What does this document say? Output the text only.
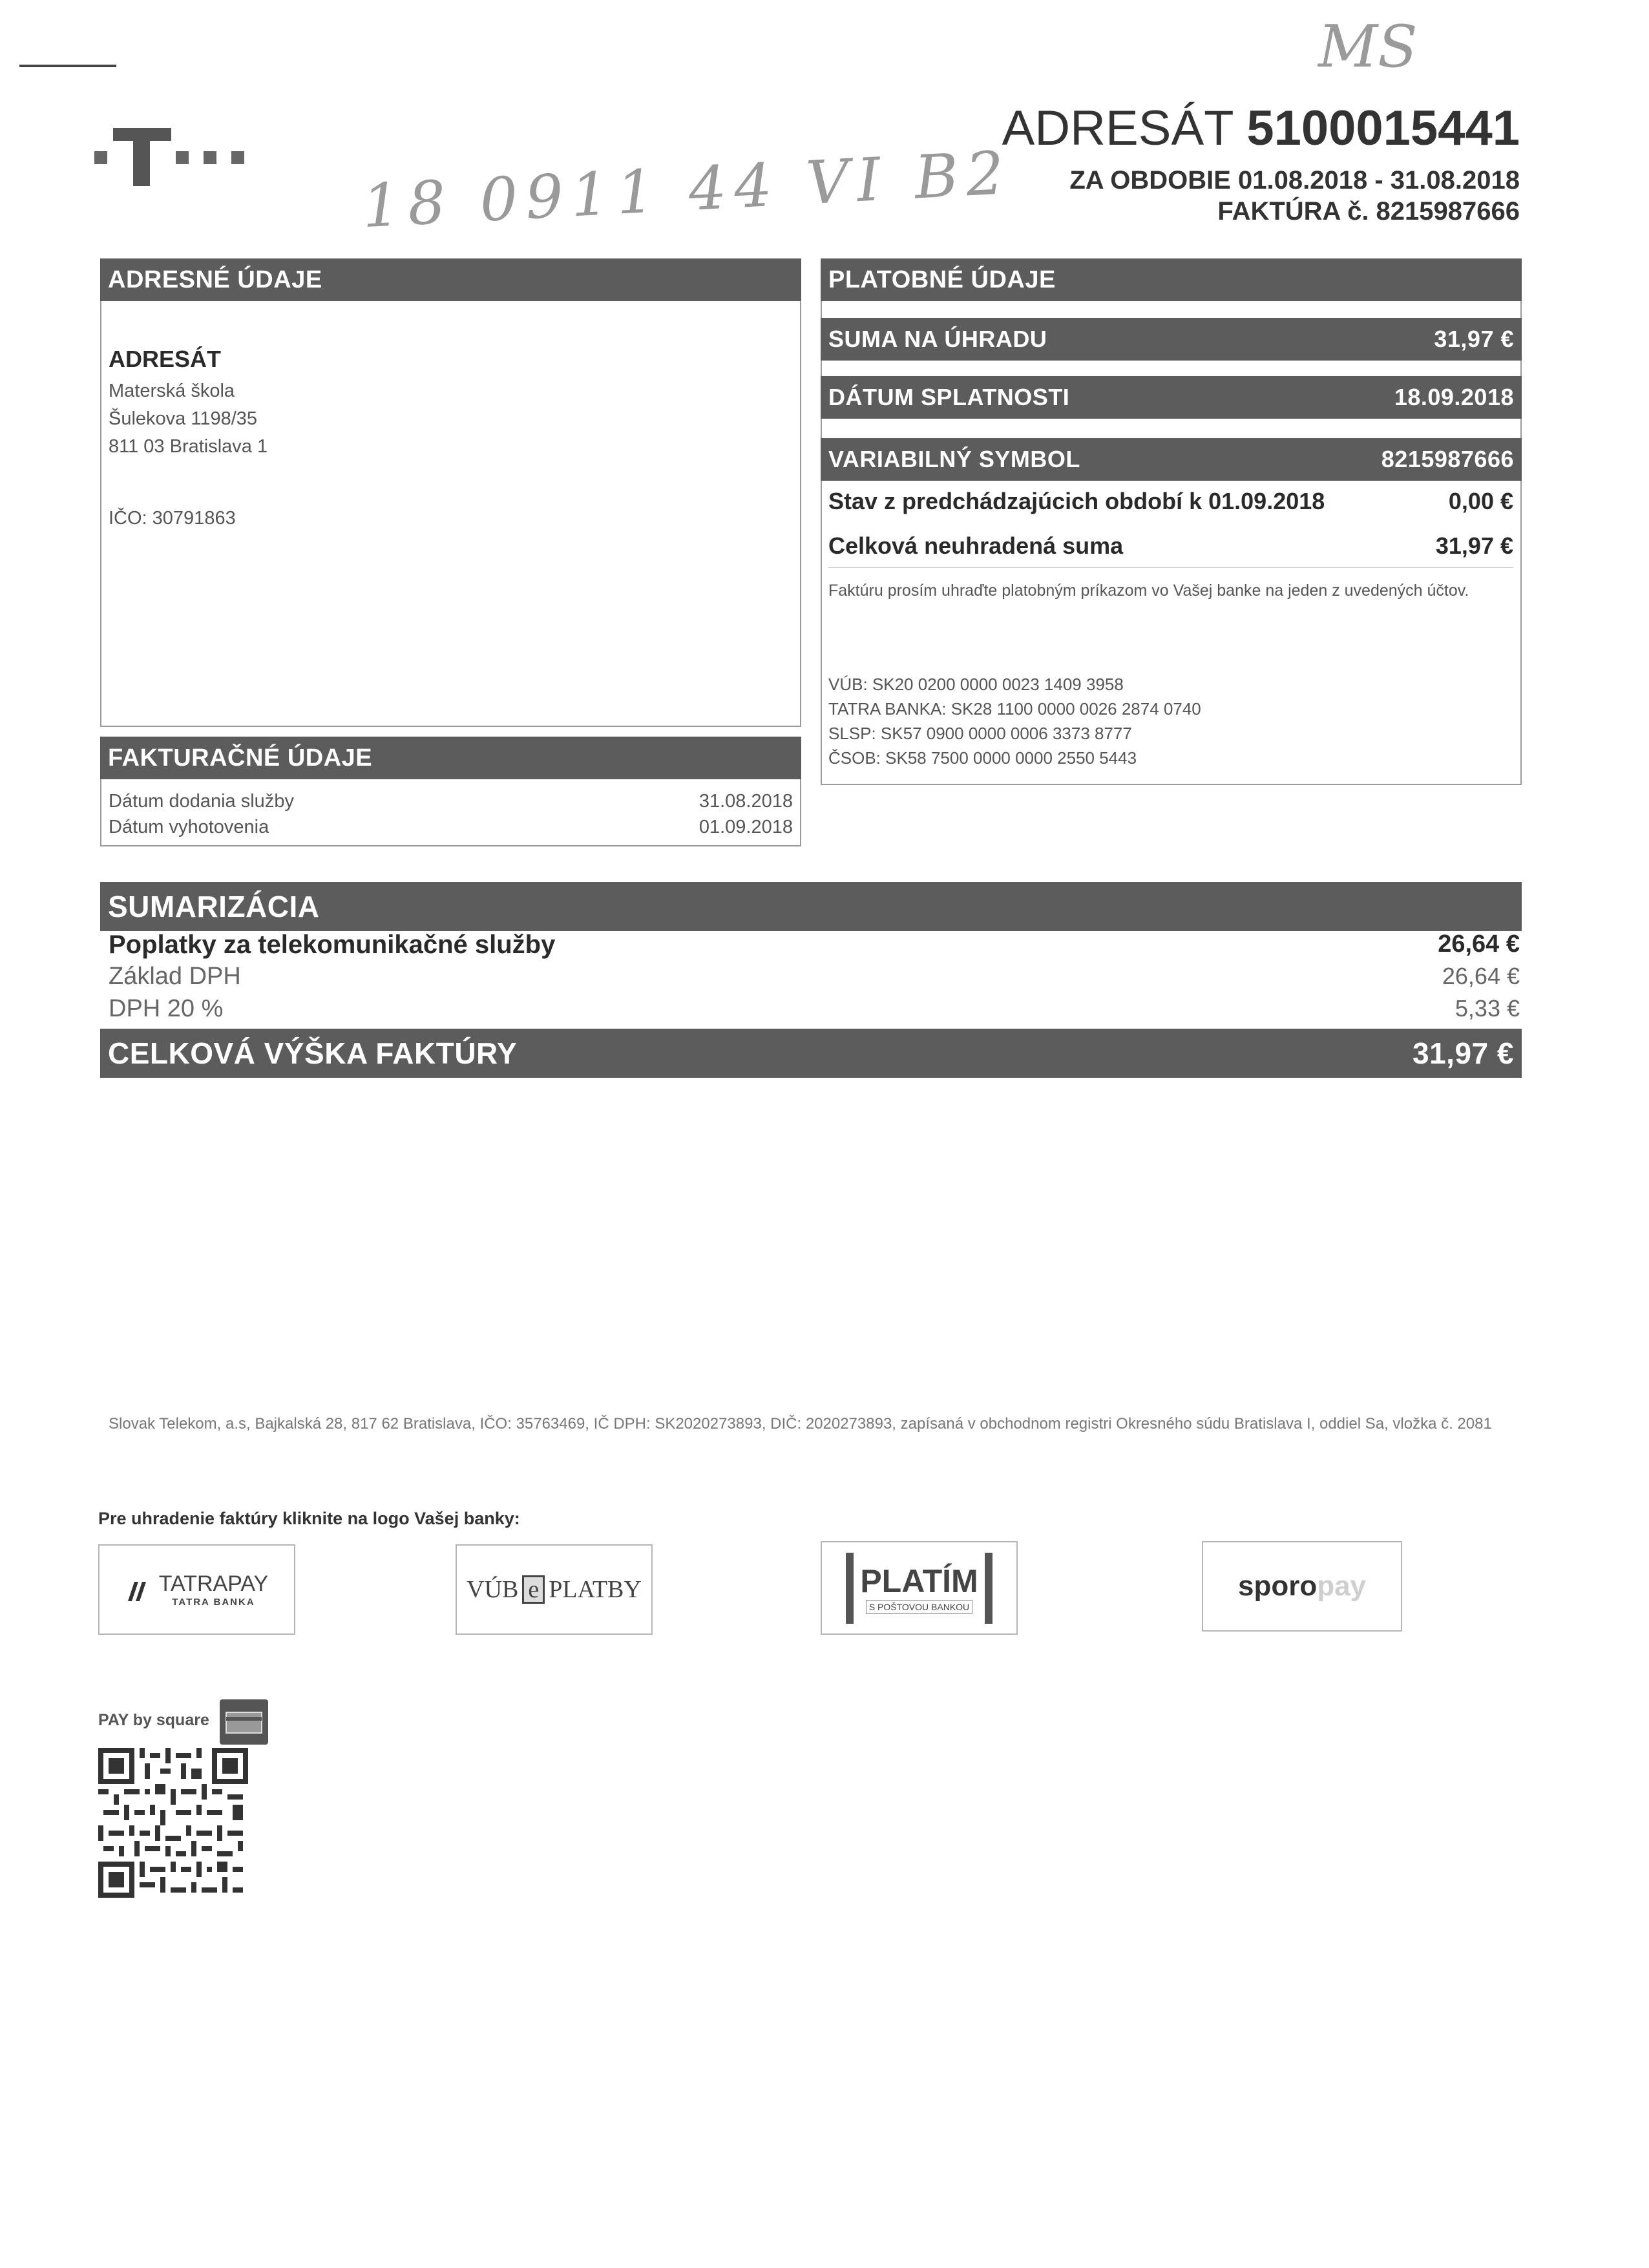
MS
18 0911 44 VI B2
ADRESÁT 5100015441
ZA OBDOBIE 01.08.2018 - 31.08.2018
FAKTÚRA č. 8215987666
ADRESNÉ ÚDAJE
ADRESÁT
Materská škola
Šulekova 1198/35
811 03 Bratislava 1
IČO: 30791863
FAKTURAČNÉ ÚDAJE
Dátum dodania služby	31.08.2018
Dátum vyhotovenia	01.09.2018
PLATOBNÉ ÚDAJE
SUMA NA ÚHRADU	31,97 €
DÁTUM SPLATNOSTI	18.09.2018
VARIABILNÝ SYMBOL	8215987666
Stav z predchádzajúcich období k 01.09.2018	0,00 €
Celková neuhradená suma	31,97 €
Faktúru prosím uhraďte platobným príkazom vo Vašej banke na jeden z uvedených účtov.
VÚB: SK20 0200 0000 0023 1409 3958
TATRA BANKA: SK28 1100 0000 0026 2874 0740
SLSP: SK57 0900 0000 0006 3373 8777
ČSOB: SK58 7500 0000 0000 2550 5443
SUMARIZÁCIA
Poplatky za telekomunikačné služby	26,64 €
Základ DPH	26,64 €
DPH 20 %	5,33 €
CELKOVÁ VÝŠKA FAKTÚRY	31,97 €
Slovak Telekom, a.s, Bajkalská 28, 817 62 Bratislava, IČO: 35763469, IČ DPH: SK2020273893, DIČ: 2020273893, zapísaná v obchodnom registri Okresného súdu Bratislava I, oddiel Sa, vložka č. 2081
Pre uhradenie faktúry kliknite na logo Vašej banky:
TATRAPAY
TATRA BANKA	VÚB e PLATBY	PLATÍM
S POŠTOVOU BANKOU
sporopay
PAY by square
